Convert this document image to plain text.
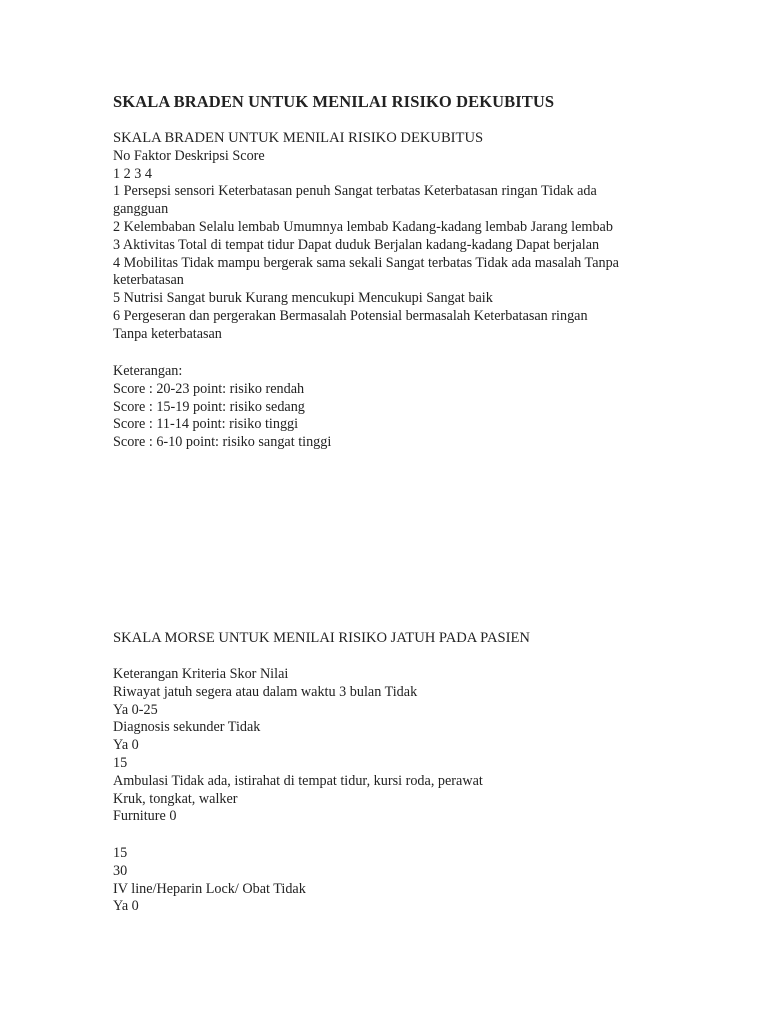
SKALA BRADEN UNTUK MENILAI RISIKO DEKUBITUS
SKALA BRADEN UNTUK MENILAI RISIKO DEKUBITUS
No Faktor Deskripsi Score
1 2 3 4
1 Persepsi sensori Keterbatasan penuh Sangat terbatas Keterbatasan ringan Tidak ada
gangguan
2 Kelembaban Selalu lembab Umumnya lembab Kadang-kadang lembab Jarang lembab
3 Aktivitas Total di tempat tidur Dapat duduk Berjalan kadang-kadang Dapat berjalan
4 Mobilitas Tidak mampu bergerak sama sekali Sangat terbatas Tidak ada masalah Tanpa
keterbatasan
5 Nutrisi Sangat buruk Kurang mencukupi Mencukupi Sangat baik
6 Pergeseran dan pergerakan Bermasalah Potensial bermasalah Keterbatasan ringan
Tanpa keterbatasan
Keterangan:
Score : 20-23 point: risiko rendah
Score : 15-19 point: risiko sedang
Score : 11-14 point: risiko tinggi
Score : 6-10 point: risiko sangat tinggi
SKALA MORSE UNTUK MENILAI RISIKO JATUH PADA PASIEN
Keterangan Kriteria Skor Nilai
Riwayat jatuh segera atau dalam waktu 3 bulan Tidak
Ya 0-25
Diagnosis sekunder Tidak
Ya 0
15
Ambulasi Tidak ada, istirahat di tempat tidur, kursi roda, perawat
Kruk, tongkat, walker
Furniture 0
15
30
IV line/Heparin Lock/ Obat Tidak
Ya 0
